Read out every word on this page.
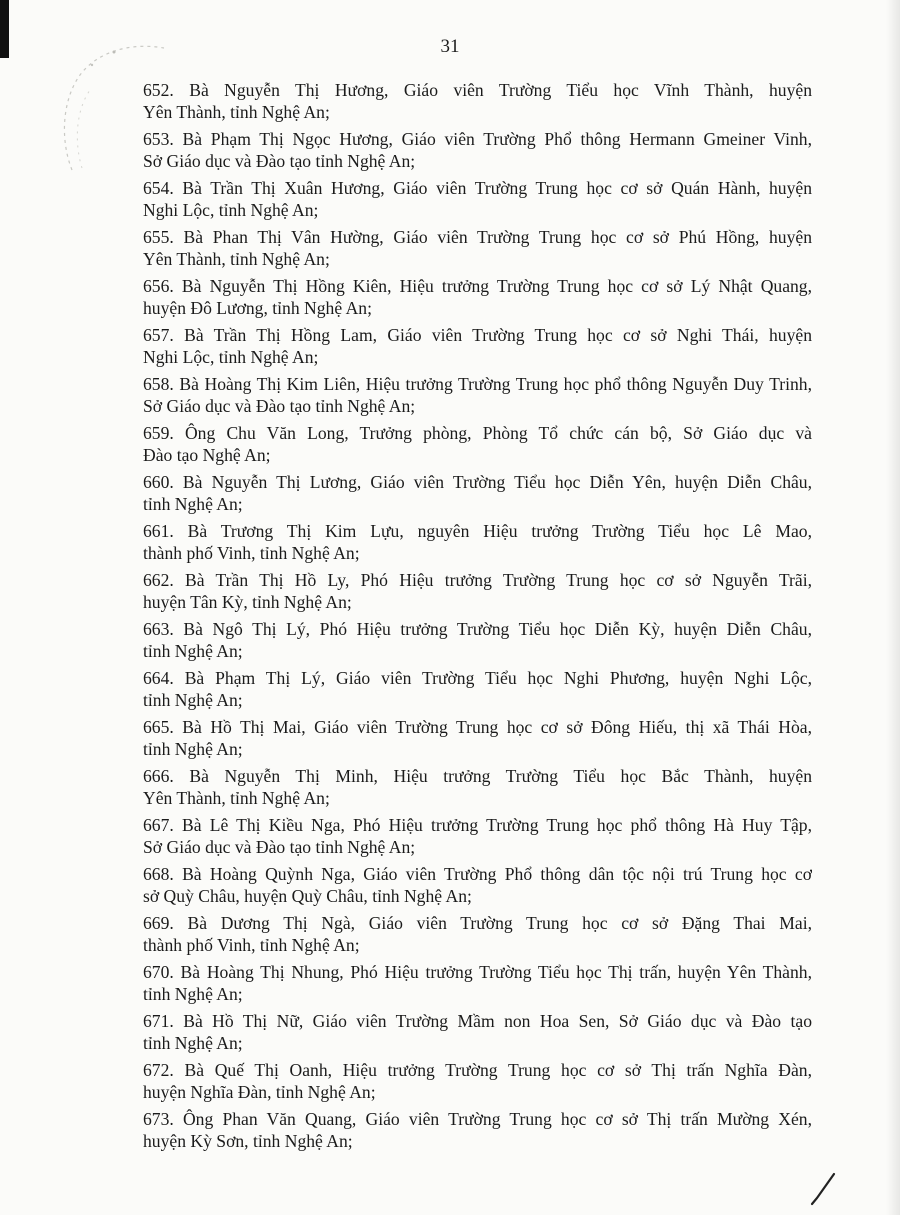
31
652. Bà Nguyễn Thị Hương, Giáo viên Trường Tiểu học Vĩnh Thành, huyện
Yên Thành, tỉnh Nghệ An;
653. Bà Phạm Thị Ngọc Hương, Giáo viên Trường Phổ thông Hermann Gmeiner Vinh,
Sở Giáo dục và Đào tạo tỉnh Nghệ An;
654. Bà Trần Thị Xuân Hương, Giáo viên Trường Trung học cơ sở Quán Hành, huyện
Nghi Lộc, tỉnh Nghệ An;
655. Bà Phan Thị Vân Hường, Giáo viên Trường Trung học cơ sở Phú Hồng, huyện
Yên Thành, tỉnh Nghệ An;
656. Bà Nguyễn Thị Hồng Kiên, Hiệu trưởng Trường Trung học cơ sở Lý Nhật Quang,
huyện Đô Lương, tỉnh Nghệ An;
657. Bà Trần Thị Hồng Lam, Giáo viên Trường Trung học cơ sở Nghi Thái, huyện
Nghi Lộc, tỉnh Nghệ An;
658. Bà Hoàng Thị Kim Liên, Hiệu trưởng Trường Trung học phổ thông Nguyễn Duy Trinh,
Sở Giáo dục và Đào tạo tỉnh Nghệ An;
659. Ông Chu Văn Long, Trưởng phòng, Phòng Tổ chức cán bộ, Sở Giáo dục và
Đào tạo Nghệ An;
660. Bà Nguyễn Thị Lương, Giáo viên Trường Tiểu học Diễn Yên, huyện Diễn Châu,
tỉnh Nghệ An;
661. Bà Trương Thị Kim Lựu, nguyên Hiệu trưởng Trường Tiểu học Lê Mao,
thành phố Vinh, tỉnh Nghệ An;
662. Bà Trần Thị Hồ Ly, Phó Hiệu trưởng Trường Trung học cơ sở Nguyễn Trãi,
huyện Tân Kỳ, tỉnh Nghệ An;
663. Bà Ngô Thị Lý, Phó Hiệu trưởng Trường Tiểu học Diễn Kỳ, huyện Diễn Châu,
tỉnh Nghệ An;
664. Bà Phạm Thị Lý, Giáo viên Trường Tiểu học Nghi Phương, huyện Nghi Lộc,
tỉnh Nghệ An;
665. Bà Hồ Thị Mai, Giáo viên Trường Trung học cơ sở Đông Hiếu, thị xã Thái Hòa,
tỉnh Nghệ An;
666. Bà Nguyễn Thị Minh, Hiệu trưởng Trường Tiểu học Bắc Thành, huyện
Yên Thành, tỉnh Nghệ An;
667. Bà Lê Thị Kiều Nga, Phó Hiệu trưởng Trường Trung học phổ thông Hà Huy Tập,
Sở Giáo dục và Đào tạo tỉnh Nghệ An;
668. Bà Hoàng Quỳnh Nga, Giáo viên Trường Phổ thông dân tộc nội trú Trung học cơ
sở Quỳ Châu, huyện Quỳ Châu, tỉnh Nghệ An;
669. Bà Dương Thị Ngà, Giáo viên Trường Trung học cơ sở Đặng Thai Mai,
thành phố Vinh, tỉnh Nghệ An;
670. Bà Hoàng Thị Nhung, Phó Hiệu trưởng Trường Tiểu học Thị trấn, huyện Yên Thành,
tỉnh Nghệ An;
671. Bà Hồ Thị Nữ, Giáo viên Trường Mầm non Hoa Sen, Sở Giáo dục và Đào tạo
tỉnh Nghệ An;
672. Bà Quế Thị Oanh, Hiệu trưởng Trường Trung học cơ sở Thị trấn Nghĩa Đàn,
huyện Nghĩa Đàn, tỉnh Nghệ An;
673. Ông Phan Văn Quang, Giáo viên Trường Trung học cơ sở Thị trấn Mường Xén,
huyện Kỳ Sơn, tỉnh Nghệ An;
